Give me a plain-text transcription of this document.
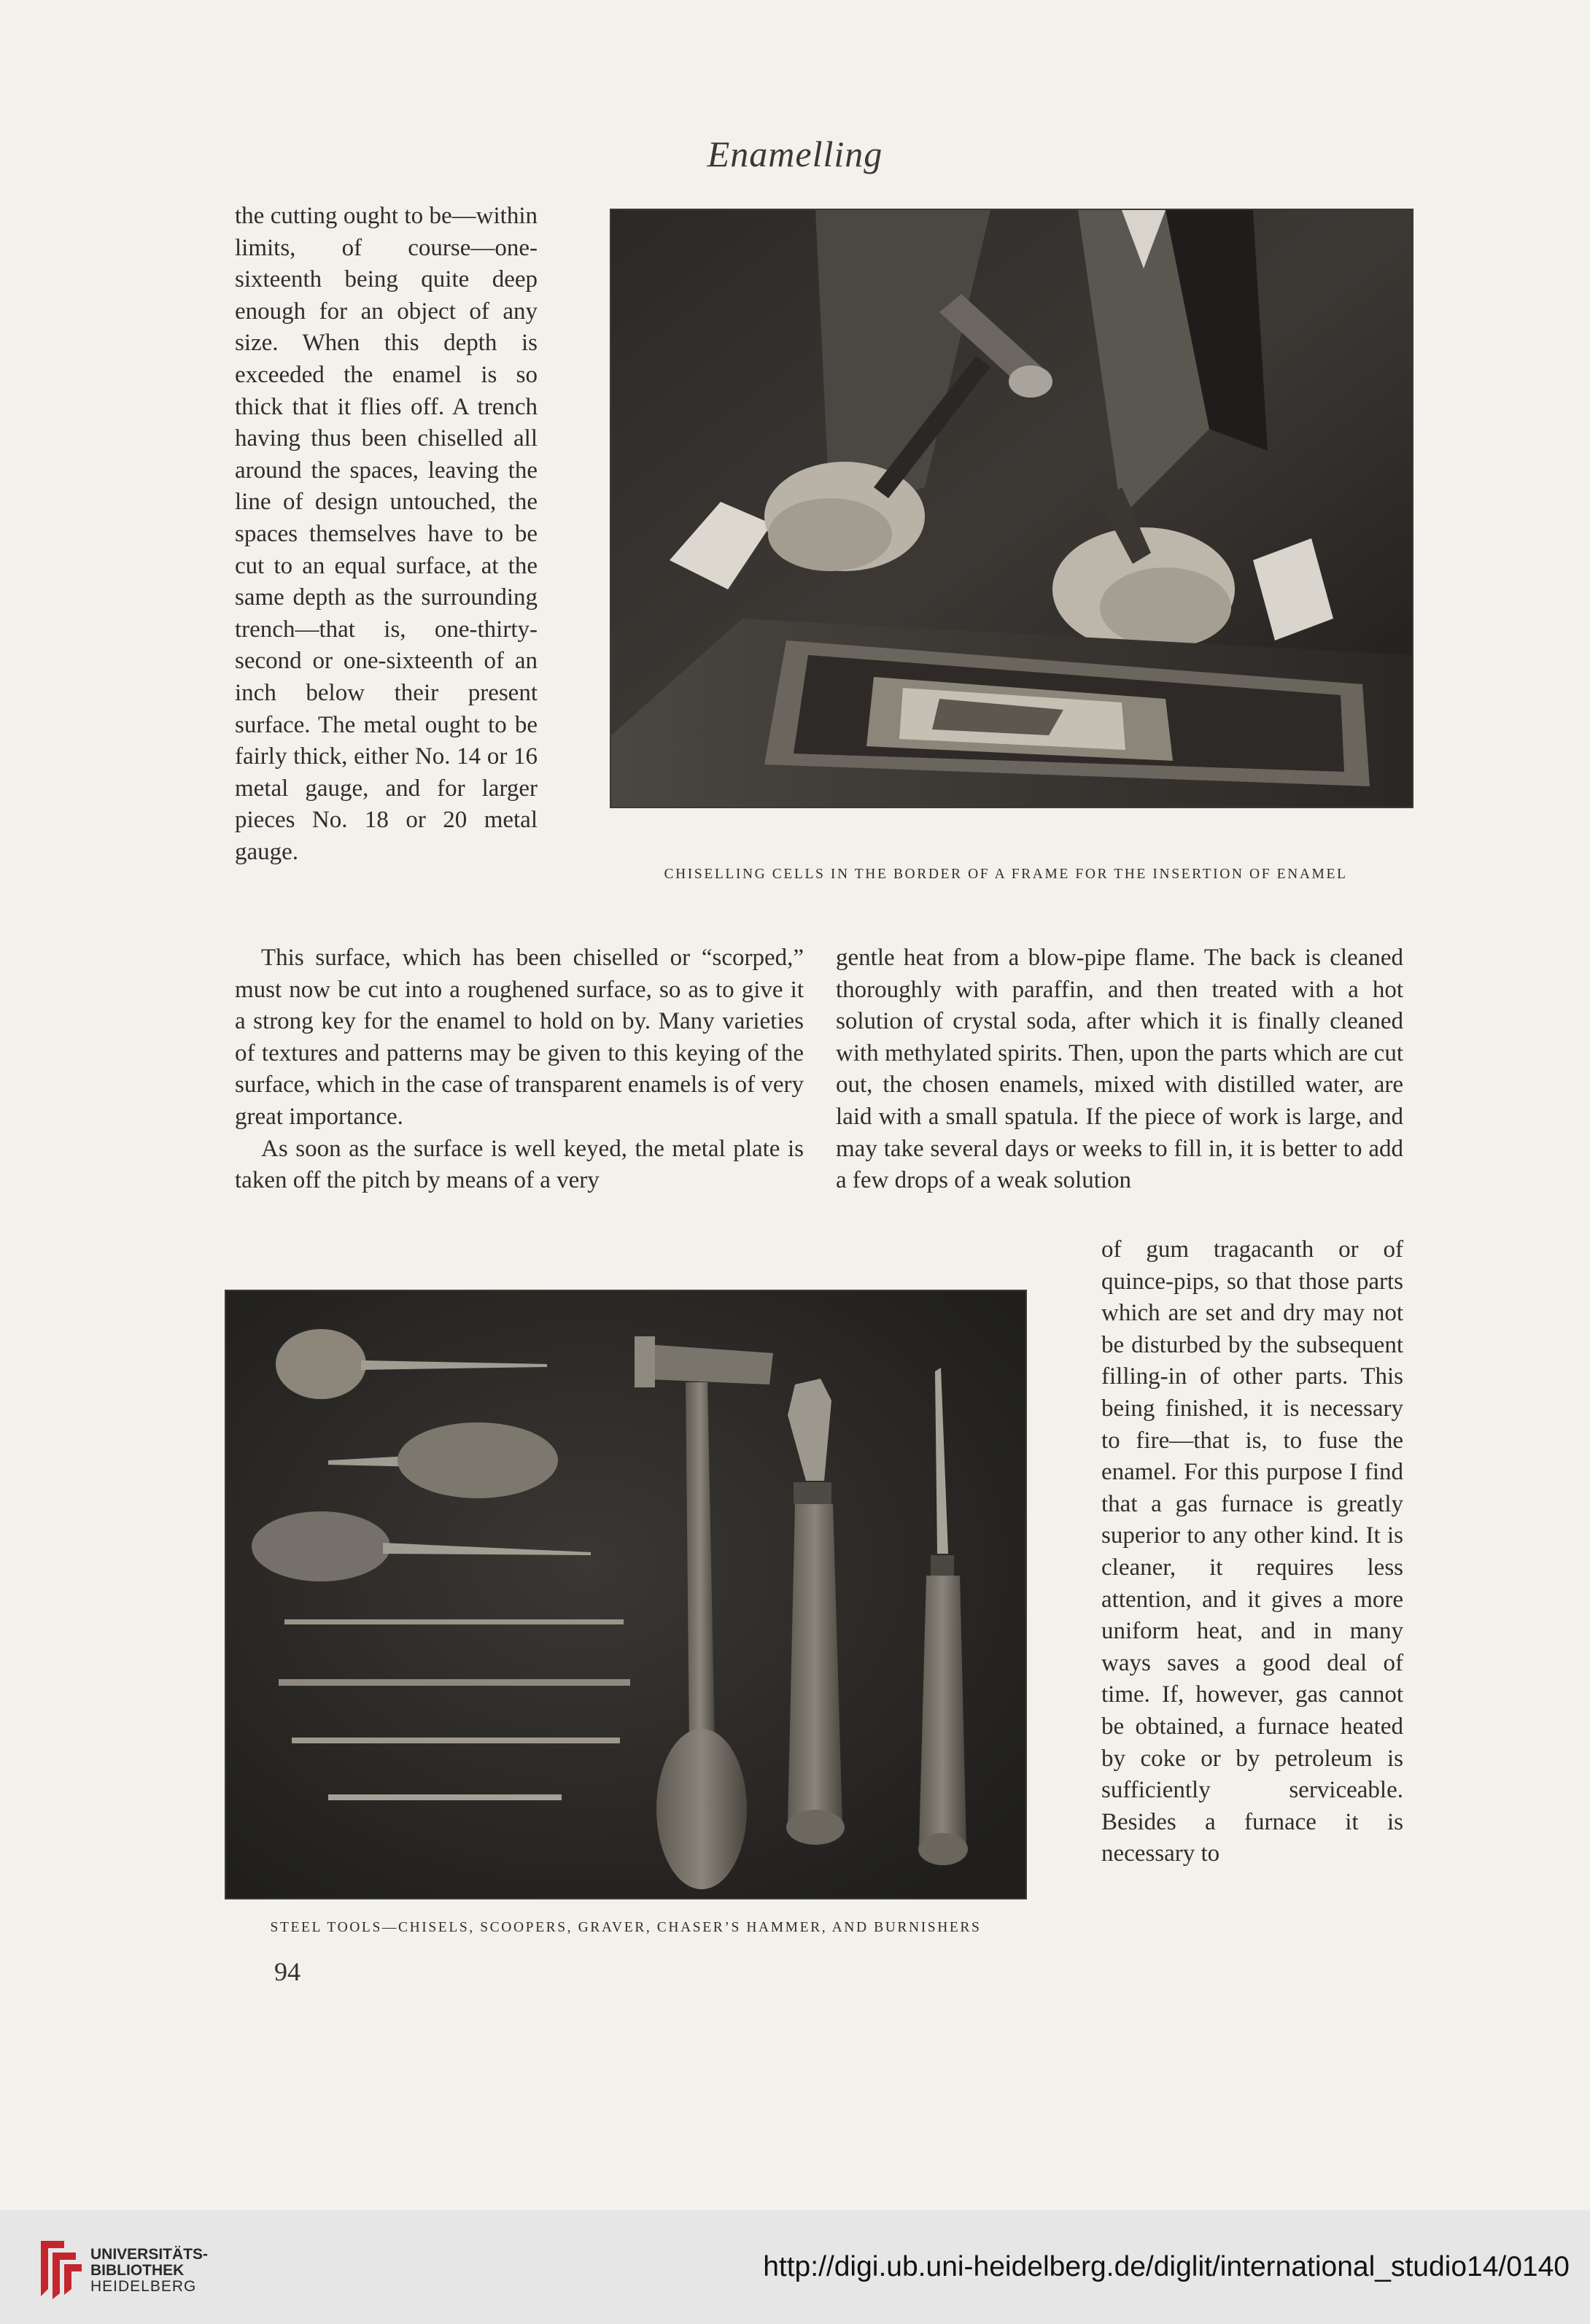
Enamelling

the cutting ought to be—within limits, of course—one-sixteenth being quite deep enough for an object of any size. When this depth is exceeded the enamel is so thick that it flies off. A trench having thus been chiselled all around the spaces, leaving the line of design untouched, the spaces themselves have to be cut to an equal surface, at the same depth as the surrounding trench—that is, one-thirty-second or one-sixteenth of an inch below their present surface. The metal ought to be fairly thick, either No. 14 or 16 metal gauge, and for larger pieces No. 18 or 20 metal gauge.

CHISELLING CELLS IN THE BORDER OF A FRAME FOR THE INSERTION OF ENAMEL

This surface, which has been chiselled or “scorped,” must now be cut into a roughened surface, so as to give it a strong key for the enamel to hold on by. Many varieties of textures and patterns may be given to this keying of the surface, which in the case of transparent enamels is of very great importance.

As soon as the surface is well keyed, the metal plate is taken off the pitch by means of a very

gentle heat from a blow-pipe flame. The back is cleaned thoroughly with paraffin, and then treated with a hot solution of crystal soda, after which it is finally cleaned with methylated spirits. Then, upon the parts which are cut out, the chosen enamels, mixed with distilled water, are laid with a small spatula. If the piece of work is large, and may take several days or weeks to fill in, it is better to add a few drops of a weak solution

STEEL TOOLS—CHISELS, SCOOPERS, GRAVER, CHASER’S HAMMER, AND BURNISHERS

of gum tragacanth or of quince-pips, so that those parts which are set and dry may not be disturbed by the subsequent filling-in of other parts. This being finished, it is necessary to fire—that is, to fuse the enamel. For this purpose I find that a gas furnace is greatly superior to any other kind. It is cleaner, it requires less attention, and it gives a more uniform heat, and in many ways saves a good deal of time. If, however, gas cannot be obtained, a furnace heated by coke or by petroleum is sufficiently serviceable. Besides a furnace it is necessary to

94
UNIVERSITÄTS-
BIBLIOTHEK
HEIDELBERG
http://digi.ub.uni-heidelberg.de/diglit/international_studio14/0140
